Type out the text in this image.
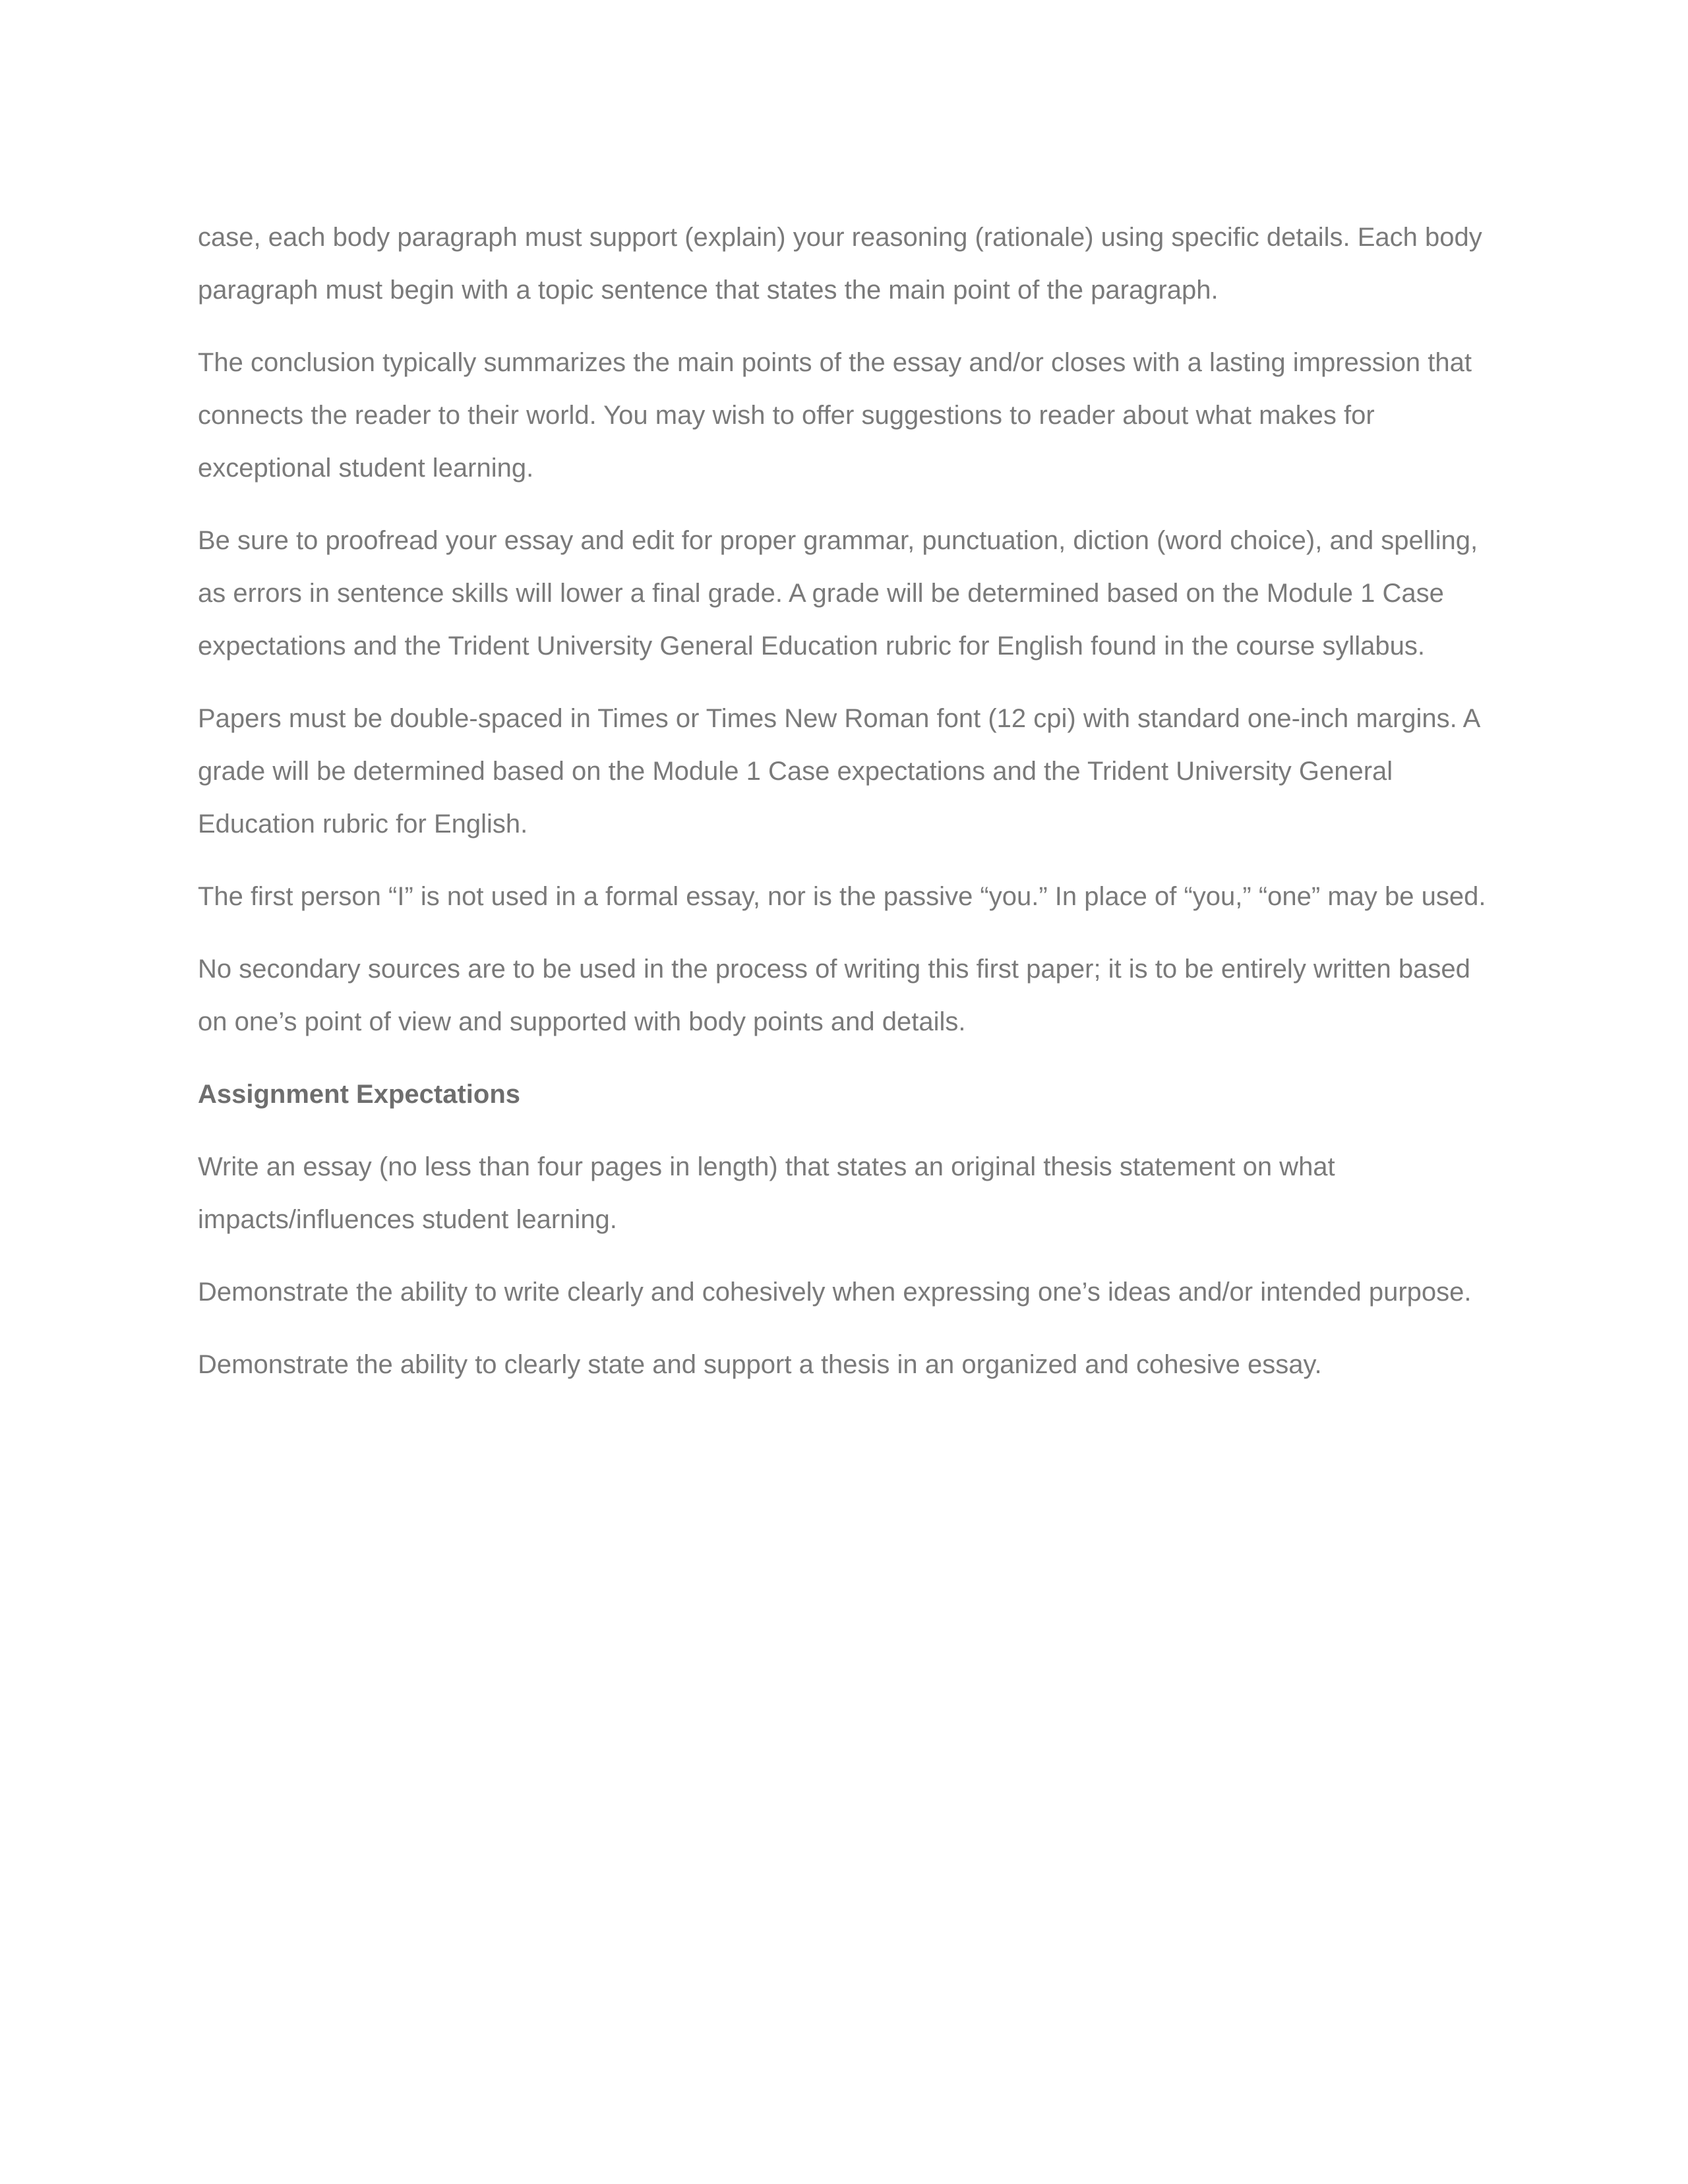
case, each body paragraph must support (explain) your reasoning (rationale) using specific details. Each body paragraph must begin with a topic sentence that states the main point of the paragraph.

The conclusion typically summarizes the main points of the essay and/or closes with a lasting impression that connects the reader to their world. You may wish to offer suggestions to reader about what makes for exceptional student learning.

Be sure to proofread your essay and edit for proper grammar, punctuation, diction (word choice), and spelling, as errors in sentence skills will lower a final grade. A grade will be determined based on the Module 1 Case expectations and the Trident University General Education rubric for English found in the course syllabus.

Papers must be double-spaced in Times or Times New Roman font (12 cpi) with standard one-inch margins. A grade will be determined based on the Module 1 Case expectations and the Trident University General Education rubric for English.

The first person “I” is not used in a formal essay, nor is the passive “you.” In place of “you,” “one” may be used.

No secondary sources are to be used in the process of writing this first paper; it is to be entirely written based on one’s point of view and supported with body points and details.

Assignment Expectations

Write an essay (no less than four pages in length) that states an original thesis statement on what impacts/influences student learning.

Demonstrate the ability to write clearly and cohesively when expressing one’s ideas and/or intended purpose.

Demonstrate the ability to clearly state and support a thesis in an organized and cohesive essay.
